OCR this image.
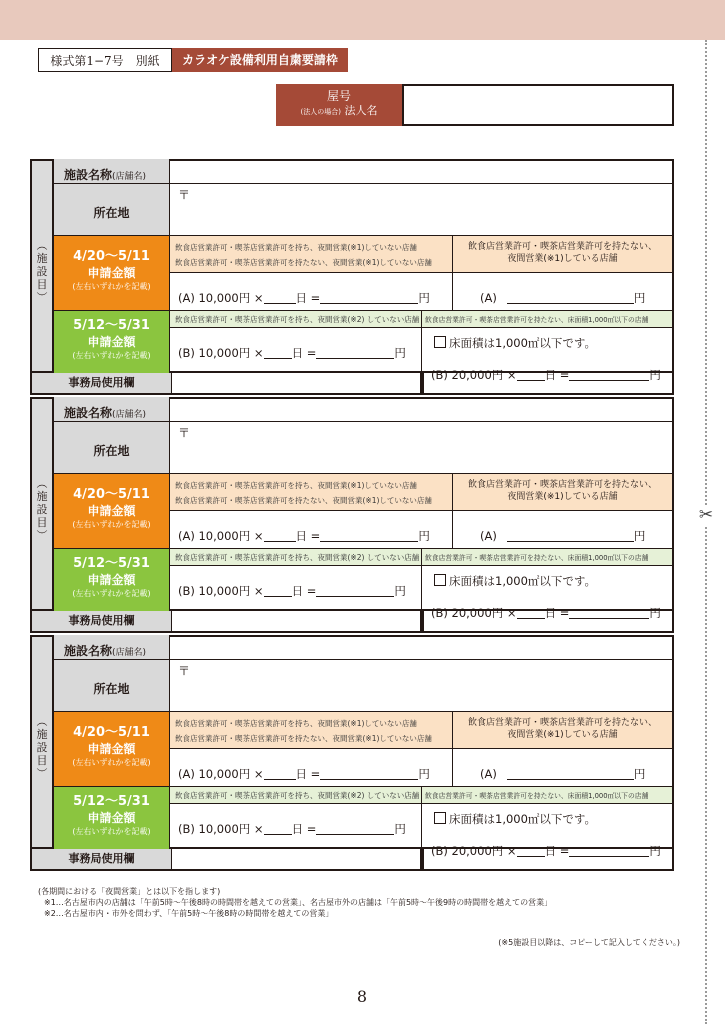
✂
様式第1−7号　別紙	カラオケ設備利用自粛要請枠
屋号
(法人の場合) 法人名
︵
施
設
目
︶
施設名称(店舗名)
所在地
〒
4/20〜5/11
申請金額
(左右いずれかを記載)
飲食店営業許可・喫茶店営業許可を持ち、夜間営業(※1)していない店舗
飲食店営業許可・喫茶店営業許可を持たない、夜間営業(※1)していない店舗
飲食店営業許可・喫茶店営業許可を持たない、
夜間営業(※1)している店舗
(A) 10,000円 ×	日 =	円	(A)	円
5/12〜5/31
申請金額
(左右いずれかを記載)
飲食店営業許可・喫茶店営業許可を持ち、夜間営業(※2) していない店舗 飲食店営業許可・喫茶店営業許可を持たない、床面積1,000㎡以下の店舗
(B) 10,000円 × 日 =	円
床面積は1,000㎡以下です。
事務局使用欄
(B) 20,000円 × 日 =	円
︵
施
設
目
︶
施設名称(店舗名)
所在地
〒
4/20〜5/11
申請金額
(左右いずれかを記載)
飲食店営業許可・喫茶店営業許可を持ち、夜間営業(※1)していない店舗
飲食店営業許可・喫茶店営業許可を持たない、夜間営業(※1)していない店舗
飲食店営業許可・喫茶店営業許可を持たない、
夜間営業(※1)している店舗
(A) 10,000円 ×	日 =	円	(A)	円
5/12〜5/31
申請金額
(左右いずれかを記載)
飲食店営業許可・喫茶店営業許可を持ち、夜間営業(※2) していない店舗 飲食店営業許可・喫茶店営業許可を持たない、床面積1,000㎡以下の店舗
(B) 10,000円 × 日 =	円
床面積は1,000㎡以下です。
事務局使用欄
(B) 20,000円 × 日 =	円
︵
施
設
目
︶
施設名称(店舗名)
所在地
〒
4/20〜5/11
申請金額
(左右いずれかを記載)
飲食店営業許可・喫茶店営業許可を持ち、夜間営業(※1)していない店舗
飲食店営業許可・喫茶店営業許可を持たない、夜間営業(※1)していない店舗
飲食店営業許可・喫茶店営業許可を持たない、
夜間営業(※1)している店舗
(A) 10,000円 ×	日 =	円	(A)	円
5/12〜5/31
申請金額
(左右いずれかを記載)
飲食店営業許可・喫茶店営業許可を持ち、夜間営業(※2) していない店舗 飲食店営業許可・喫茶店営業許可を持たない、床面積1,000㎡以下の店舗
(B) 10,000円 × 日 =	円
床面積は1,000㎡以下です。
事務局使用欄
(B) 20,000円 × 日 =	円
(各期間における「夜間営業」とは以下を指します)
※1…名古屋市内の店舗は「午前5時〜午後8時の時間帯を越えての営業」、名古屋市外の店舗は「午前5時〜午後9時の時間帯を越えての営業」
※2…名古屋市内・市外を問わず、「午前5時〜午後8時の時間帯を越えての営業」
(※5施設目以降は、コピーして記入してください。)
8
